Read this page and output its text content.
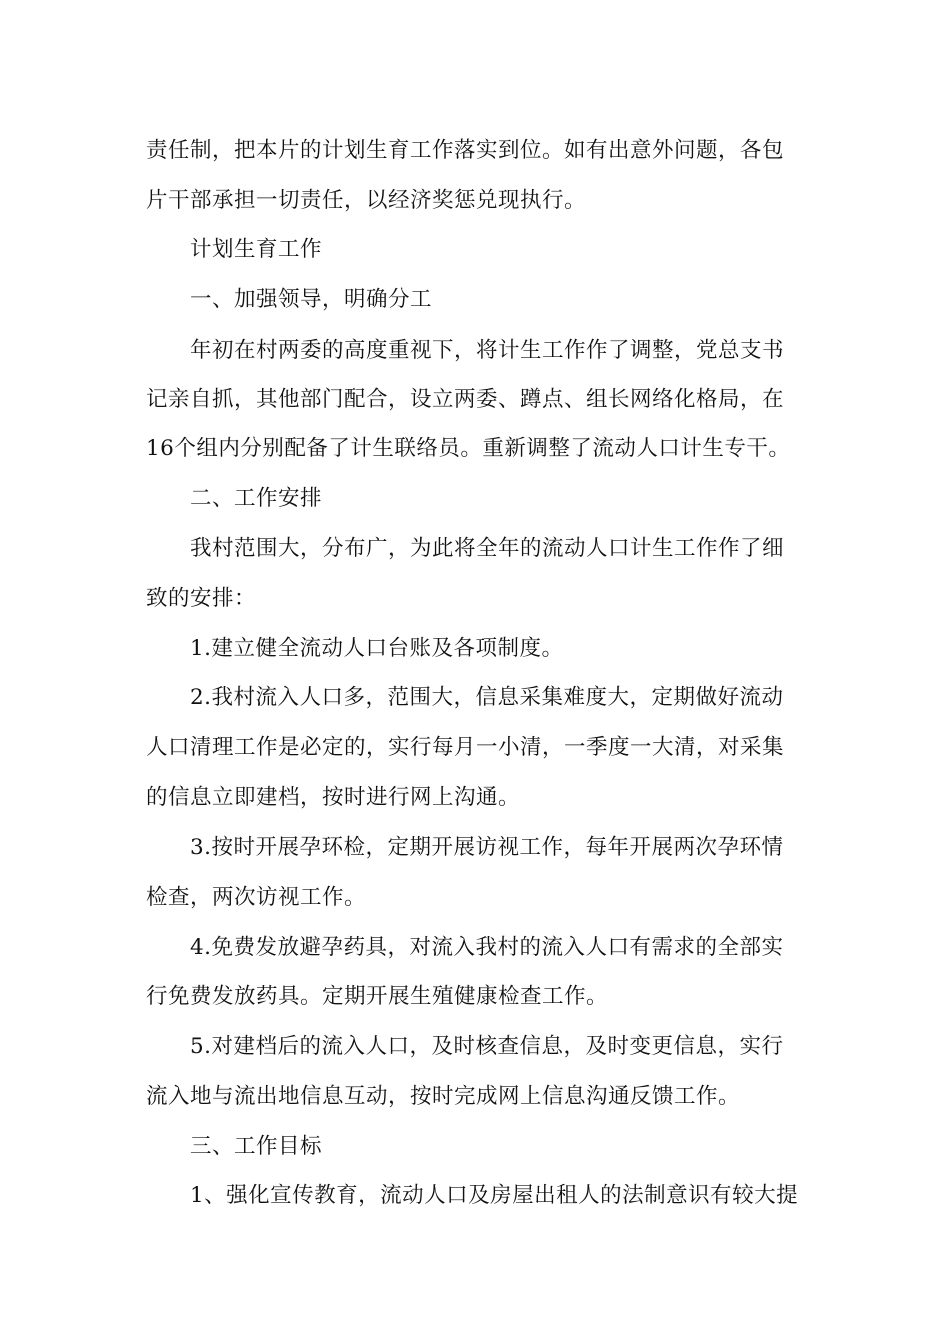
责任制，把本片的计划生育工作落实到位。如有出意外问题，各包
片干部承担一切责任，以经济奖惩兑现执行。
计划生育工作
一、加强领导，明确分工
年初在村两委的高度重视下，将计生工作作了调整，党总支书
记亲自抓，其他部门配合，设立两委、蹲点、组长网络化格局，在
16个组内分别配备了计生联络员。重新调整了流动人口计生专干。
二、工作安排
我村范围大，分布广，为此将全年的流动人口计生工作作了细
致的安排：
1.建立健全流动人口台账及各项制度。
2.我村流入人口多，范围大，信息采集难度大，定期做好流动
人口清理工作是必定的，实行每月一小清，一季度一大清，对采集
的信息立即建档，按时进行网上沟通。
3.按时开展孕环检，定期开展访视工作，每年开展两次孕环情
检查，两次访视工作。
4.免费发放避孕药具，对流入我村的流入人口有需求的全部实
行免费发放药具。定期开展生殖健康检查工作。
5.对建档后的流入人口，及时核查信息，及时变更信息，实行
流入地与流出地信息互动，按时完成网上信息沟通反馈工作。
三、工作目标
1、强化宣传教育，流动人口及房屋出租人的法制意识有较大提
